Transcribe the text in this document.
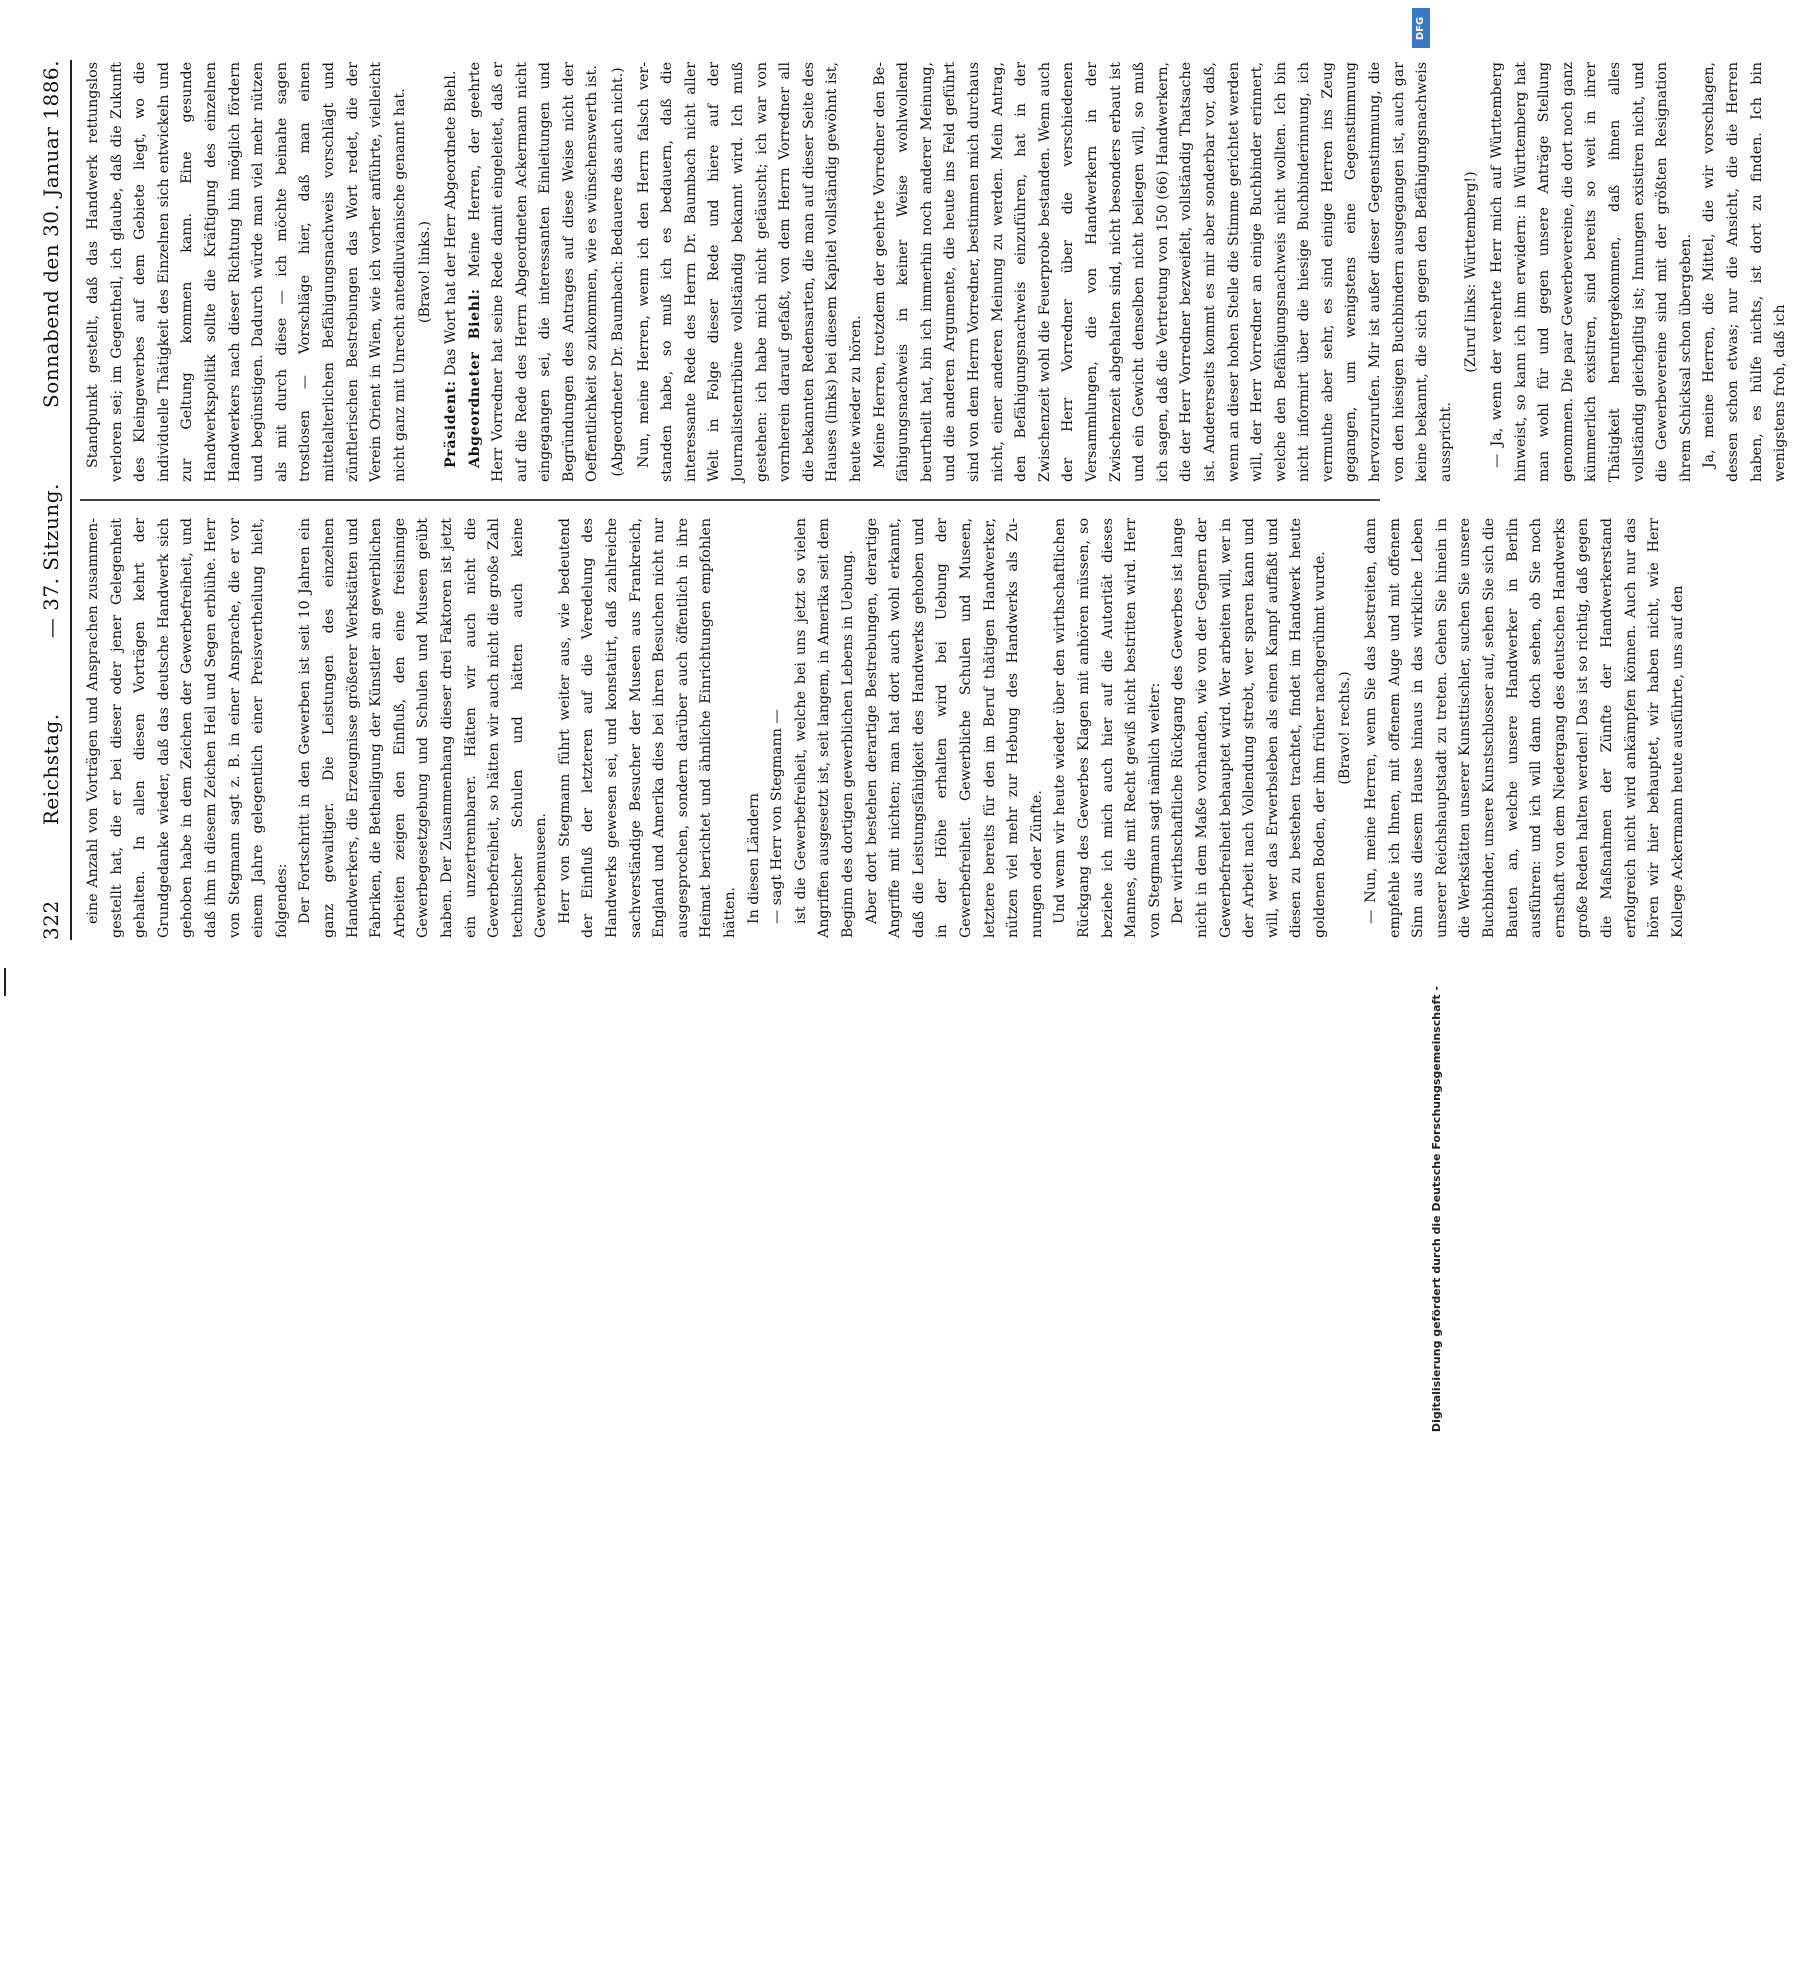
322
Reichstag.
— 37. Sitzung.
Sonnabend den 30. Januar 1886.

eine Anzahl von Vorträgen und Ansprachen zusammengestellt hat, die er bei dieser oder jener Gelegenheit gehalten. In allen diesen Vorträgen kehrt der Grundgedanke wieder, daß das deutsche Handwerk sich gehoben habe in dem Zeichen der Gewerbefreiheit, und daß ihm in diesem Zeichen Heil und Segen erblühe. Herr von Stegmann sagt z. B. in einer Ansprache, die er vor einem Jahre gelegentlich einer Preisvertheilung hielt, folgendes: Der Fortschritt in den Gewerben ist seit 10 Jahren ein ganz gewaltiger. Die Leistungen des einzelnen Handwerkers, die Erzeugnisse größerer Werkstätten und Fabriken, die Betheiligung der Künstler an gewerblichen Arbeiten zeigen den Einfluß, den eine freisinnige Gewerbegesetzgebung und Schulen und Museen geübt haben. Der Zusammenhang dieser drei Faktoren ist jetzt ein unzertrennbarer. Hätten wir auch nicht die Gewerbefreiheit, so hätten wir auch nicht die große Zahl technischer Schulen und hätten auch keine Gewerbemuseen. Herr von Stegmann führt weiter aus, wie bedeutend der Einfluß der letzteren auf die Veredelung des Handwerks gewesen sei, und konstatirt, daß zahlreiche sachverständige Besucher der Museen aus Frankreich, England und Amerika dies bei ihren Besuchen nicht nur ausgesprochen, sondern darüber auch öffentlich in ihre Heimat berichtet und ähnliche Einrichtungen empfohlen hätten. In diesen Ländern — sagt Herr von Stegmann — ist die Gewerbefreiheit, welche bei uns jetzt so vielen Angriffen ausgesetzt ist, seit langem, in Amerika seit dem Beginn des dortigen gewerblichen Lebens in Uebung. Aber dort bestehen derartige Bestrebungen, derartige Angriffe mit nichten; man hat dort auch wohl erkannt, daß die Leistungsfähigkeit des Handwerks gehoben und in der Höhe erhalten wird bei Uebung der Gewerbefreiheit. Gewerbliche Schulen und Museen, letztere bereits für den im Beruf thätigen Handwerker, nützen viel mehr zur Hebung des Handwerks als Zunungen oder Zünfte. Und wenn wir heute wieder über den wirthschaftlichen Rückgang des Gewerbes Klagen mit anhören müssen, so beziehe ich mich auch hier auf die Autorität dieses Mannes, die mit Recht gewiß nicht bestritten wird. Herr von Stegmann sagt nämlich weiter: Der wirthschaftliche Rückgang des Gewerbes ist lange nicht in dem Maße vorhanden, wie von der Gegnern der Gewerbefreiheit behauptet wird. Wer arbeiten will, wer in der Arbeit nach Vollendung strebt, wer sparen kann und will, wer das Erwerbsleben als einen Kampf auffaßt und diesen zu bestehen trachtet, findet im Handwerk heute goldenen Boden, der ihm früher nachgerühmt wurde. (Bravo! rechts.) — Nun, meine Herren, wenn Sie das bestreiten, dann empfehle ich Ihnen, mit offenem Auge und mit offenem Sinn aus diesem Hause hinaus in das wirkliche Leben unserer Reichshauptstadt zu treten. Gehen Sie hinein in die Werkstätten unserer Kunsttischler, suchen Sie unsere Buchbinder, unsere Kunstschlosser auf, sehen Sie sich die Bauten an, welche unsere Handwerker in Berlin ausführen: und ich will dann doch sehen, ob Sie noch ernsthaft von dem Niedergang des deutschen Handwerks große Reden halten werden! Das ist so richtig, daß gegen die Maßnahmen der Zünfte der Handwerkerstand erfolgreich nicht wird ankämpfen können. Auch nur das hören wir hier behauptet, wir haben nicht, wie Herr Kollege Ackermann heute ausführte, uns auf den

Standpunkt gestellt, daß das Handwerk rettungslos verloren sei; im Gegentheil, ich glaube, daß die Zukunft des Kleingewerbes auf dem Gebiete liegt, wo die individuelle Thätigkeit des Einzelnen sich entwickeln und zur Geltung kommen kann. Eine gesunde Handwerkspolitik sollte die Kräftigung des einzelnen Handwerkers nach dieser Richtung hin möglich fördern und begünstigen. Dadurch würde man viel mehr nützen als mit durch diese — ich möchte beinahe sagen trostlosen — Vorschläge hier, daß man einen mittelalterlichen Befähigungsnachweis vorschlägt und zünftlerischen Bestrebungen das Wort redet, die der Verein Orient in Wien, wie ich vorher anführte, vielleicht nicht ganz mit Unrecht antediluvianische genannt hat. (Bravo! links.)

Präsident: Das Wort hat der Herr Abgeordnete Biehl.

Abgeordneter Biehl: Meine Herren, der geehrte Herr Vorredner hat seine Rede damit eingeleitet, daß er auf die Rede des Herrn Abgeordneten Ackermann nicht eingegangen sei, die interessanten Einleitungen und Begründungen des Antrages auf diese Weise nicht der Oeffentlichkeit so zukommen, wie es wünschenswerth ist. (Abgeordneter Dr. Baumbach: Bedauere das auch nicht.) Nun, meine Herren, wenn ich den Herrn falsch verstanden habe, so muß ich es bedauern, daß die interessante Rede des Herrn Dr. Baumbach nicht aller Welt in Folge dieser Rede und hiere auf der Journalistentribüne vollständig bekannt wird. Ich muß gestehen: ich habe mich nicht getäuscht; ich war von vornherein darauf gefaßt, von dem Herrn Vorredner all die bekannten Redensarten, die man auf dieser Seite des Hauses (links) bei diesem Kapitel vollständig gewöhnt ist, heute wieder zu hören. Meine Herren, trotzdem der geehrte Vorredner den Befähigungsnachweis in keiner Weise wohlwollend beurtheilt hat, bin ich immerhin noch anderer Meinung, und die anderen Argumente, die heute ins Feld geführt sind von dem Herrn Vorredner, bestimmen mich durchaus nicht, einer anderen Meinung zu werden. Mein Antrag, den Befähigungsnachweis einzuführen, hat in der Zwischenzeit wohl die Feuerprobe bestanden. Wenn auch der Herr Vorredner über die verschiedenen Versammlungen, die von Handwerkern in der Zwischenzeit abgehalten sind, nicht besonders erbaut ist und ein Gewicht denselben nicht beilegen will, so muß ich sagen, daß die Vertretung von 150 (66) Handwerkern, die der Herr Vorredner bezweifelt, vollständig Thatsache ist. Andererseits kommt es mir aber sonderbar vor, daß, wenn an dieser hohen Stelle die Stimme gerichtet werden will, der Herr Vorredner an einige Buchbinder erinnert, welche den Befähigungsnachweis nicht wollten. Ich bin nicht informirt über die hiesige Buchbinderinnung, ich vermuthe aber sehr, es sind einige Herren ins Zeug gegangen, um wenigstens eine Gegenstimmung hervorzurufen. Mir ist außer dieser Gegenstimmung, die von den hiesigen Buchbindern ausgegangen ist, auch gar keine bekannt, die sich gegen den Befähigungsnachweis ausspricht.

(Zuruf links: Württemberg!) — Ja, wenn der verehrte Herr mich auf Württemberg hinweist, so kann ich ihm erwidern: in Württemberg hat man wohl für und gegen unsere Anträge Stellung genommen. Die paar Gewerbevereine, die dort noch ganz kümmerlich existiren, sind bereits so weit in ihrer Thätigkeit heruntergekommen, daß ihnen alles vollständig gleichgiltig ist; Innungen existiren nicht, und die Gewerbevereine sind mit der größten Resignation ihrem Schicksal schon übergeben. Ja, meine Herren, die Mittel, die wir vorschlagen, dessen schon etwas; nur die Ansicht, die die Herren haben, es hülfe nichts, ist dort zu finden. Ich bin wenigstens froh, daß ich

DFG
Digitalisierung gefördert durch die Deutsche Forschungsgemeinschaft -
